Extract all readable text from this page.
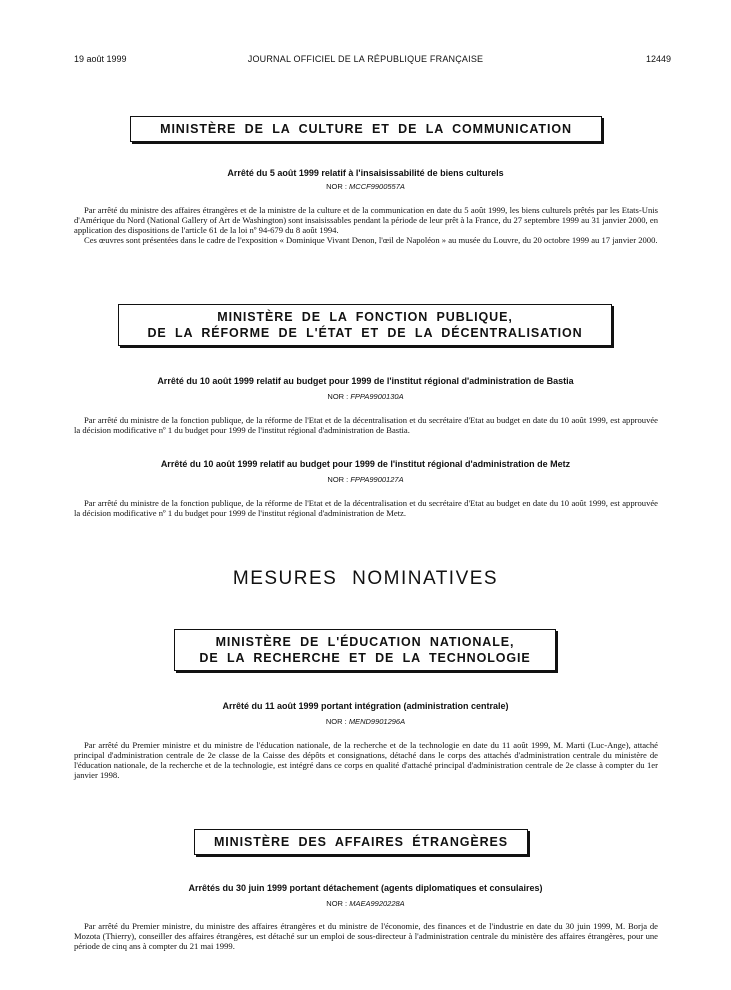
19 août 1999	JOURNAL OFFICIEL DE LA RÉPUBLIQUE FRANÇAISE	12449
MINISTÈRE DE LA CULTURE ET DE LA COMMUNICATION
Arrêté du 5 août 1999 relatif à l'insaisissabilité de biens culturels
NOR : MCCF9900557A

Par arrêté du ministre des affaires étrangères et de la ministre de la culture et de la communication en date du 5 août 1999, les biens culturels prêtés par les Etats-Unis d'Amérique du Nord (National Gallery of Art de Washington) sont insaisissables pendant la période de leur prêt à la France, du 27 septembre 1999 au 31 janvier 2000, en application des dispositions de l'article 61 de la loi nº 94-679 du 8 août 1994.

Ces œuvres sont présentées dans le cadre de l'exposition « Dominique Vivant Denon, l'œil de Napoléon » au musée du Louvre, du 20 octobre 1999 au 17 janvier 2000.

MINISTÈRE DE LA FONCTION PUBLIQUE,
DE LA RÉFORME DE L'ÉTAT ET DE LA DÉCENTRALISATION
Arrêté du 10 août 1999 relatif au budget pour 1999 de l'institut régional d'administration de Bastia
NOR : FPPA9900130A

Par arrêté du ministre de la fonction publique, de la réforme de l'Etat et de la décentralisation et du secrétaire d'Etat au budget en date du 10 août 1999, est approuvée la décision modificative nº 1 du budget pour 1999 de l'institut régional d'administration de Bastia.

Arrêté du 10 août 1999 relatif au budget pour 1999 de l'institut régional d'administration de Metz
NOR : FPPA9900127A

Par arrêté du ministre de la fonction publique, de la réforme de l'Etat et de la décentralisation et du secrétaire d'Etat au budget en date du 10 août 1999, est approuvée la décision modificative nº 1 du budget pour 1999 de l'institut régional d'administration de Metz.

MESURES NOMINATIVES
MINISTÈRE DE L'ÉDUCATION NATIONALE,
DE LA RECHERCHE ET DE LA TECHNOLOGIE
Arrêté du 11 août 1999 portant intégration (administration centrale)
NOR : MEND9901296A

Par arrêté du Premier ministre et du ministre de l'éducation nationale, de la recherche et de la technologie en date du 11 août 1999, M. Marti (Luc-Ange), attaché principal d'administration centrale de 2e classe de la Caisse des dépôts et consignations, détaché dans le corps des attachés d'administration centrale du ministère de l'éducation nationale, de la recherche et de la technologie, est intégré dans ce corps en qualité d'attaché principal d'administration centrale de 2e classe à compter du 1er janvier 1998.

MINISTÈRE DES AFFAIRES ÉTRANGÈRES
Arrêtés du 30 juin 1999 portant détachement (agents diplomatiques et consulaires)
NOR : MAEA9920228A

Par arrêté du Premier ministre, du ministre des affaires étrangères et du ministre de l'économie, des finances et de l'industrie en date du 30 juin 1999, M. Borja de Mozota (Thierry), conseiller des affaires étrangères, est détaché sur un emploi de sous-directeur à l'administration centrale du ministère des affaires étrangères, pour une période de cinq ans à compter du 21 mai 1999.
